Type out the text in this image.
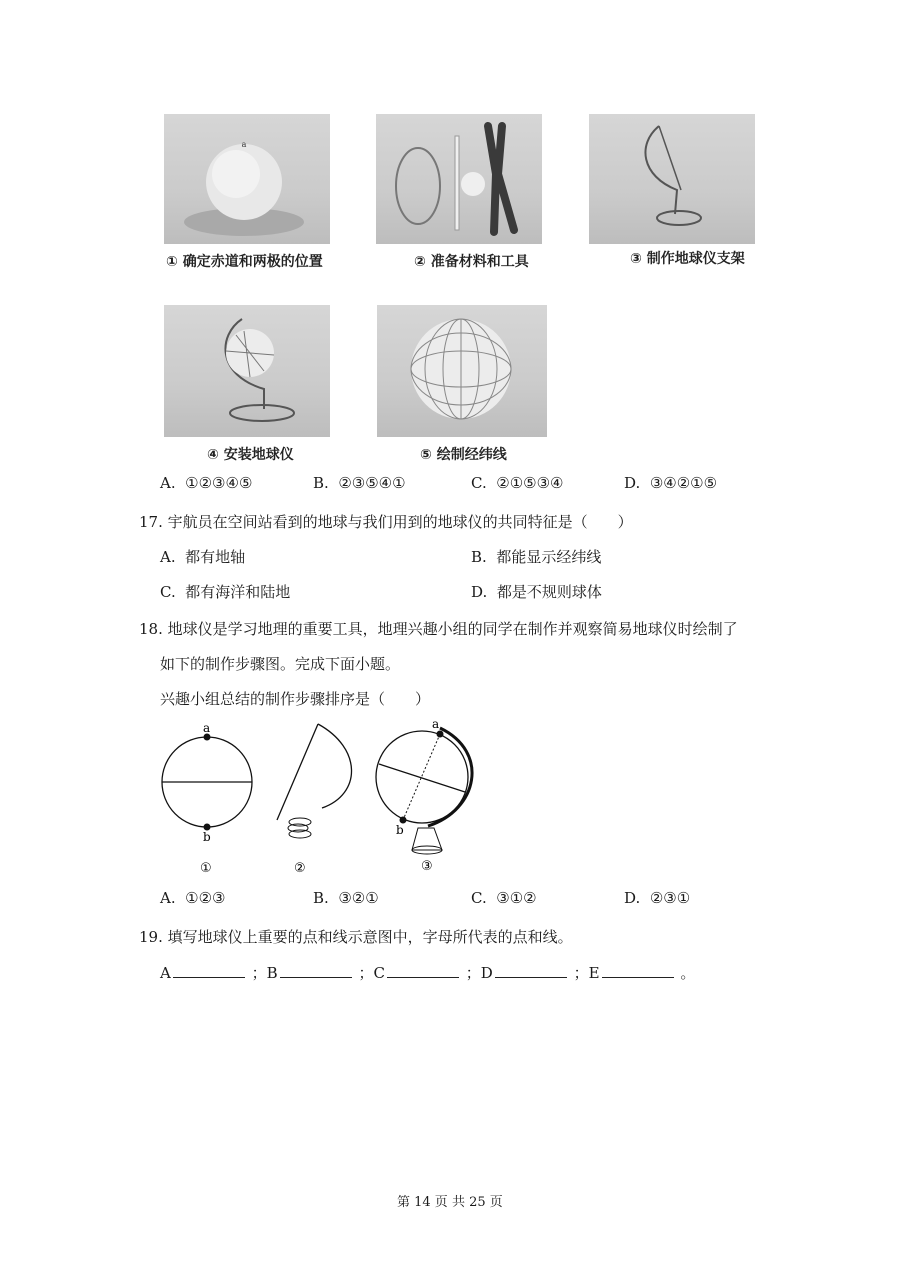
a
① 确定赤道和两极的位置	② 准备材料和工具	③ 制作地球仪支架
④ 安装地球仪	⑤ 绘制经纬线
A. ①②③④⑤	B. ②③⑤④①	C. ②①⑤③④	D. ③④②①⑤
17. 宇航员在空间站看到的地球与我们用到的地球仪的共同特征是（　　）
A. 都有地轴	B. 都能显示经纬线
C. 都有海洋和陆地	D. 都是不规则球体
18. 地球仪是学习地理的重要工具，地理兴趣小组的同学在制作并观察简易地球仪时绘制了
如下的制作步骤图。完成下面小题。
兴趣小组总结的制作步骤排序是（　　）
a
b
①	②
a
b
③
A. ①②③	B. ③②①	C. ③①②	D. ②③①
19. 填写地球仪上重要的点和线示意图中，字母所代表的点和线。
A	；B	；C	；D	；E	。
第 14 页 共 25 页
